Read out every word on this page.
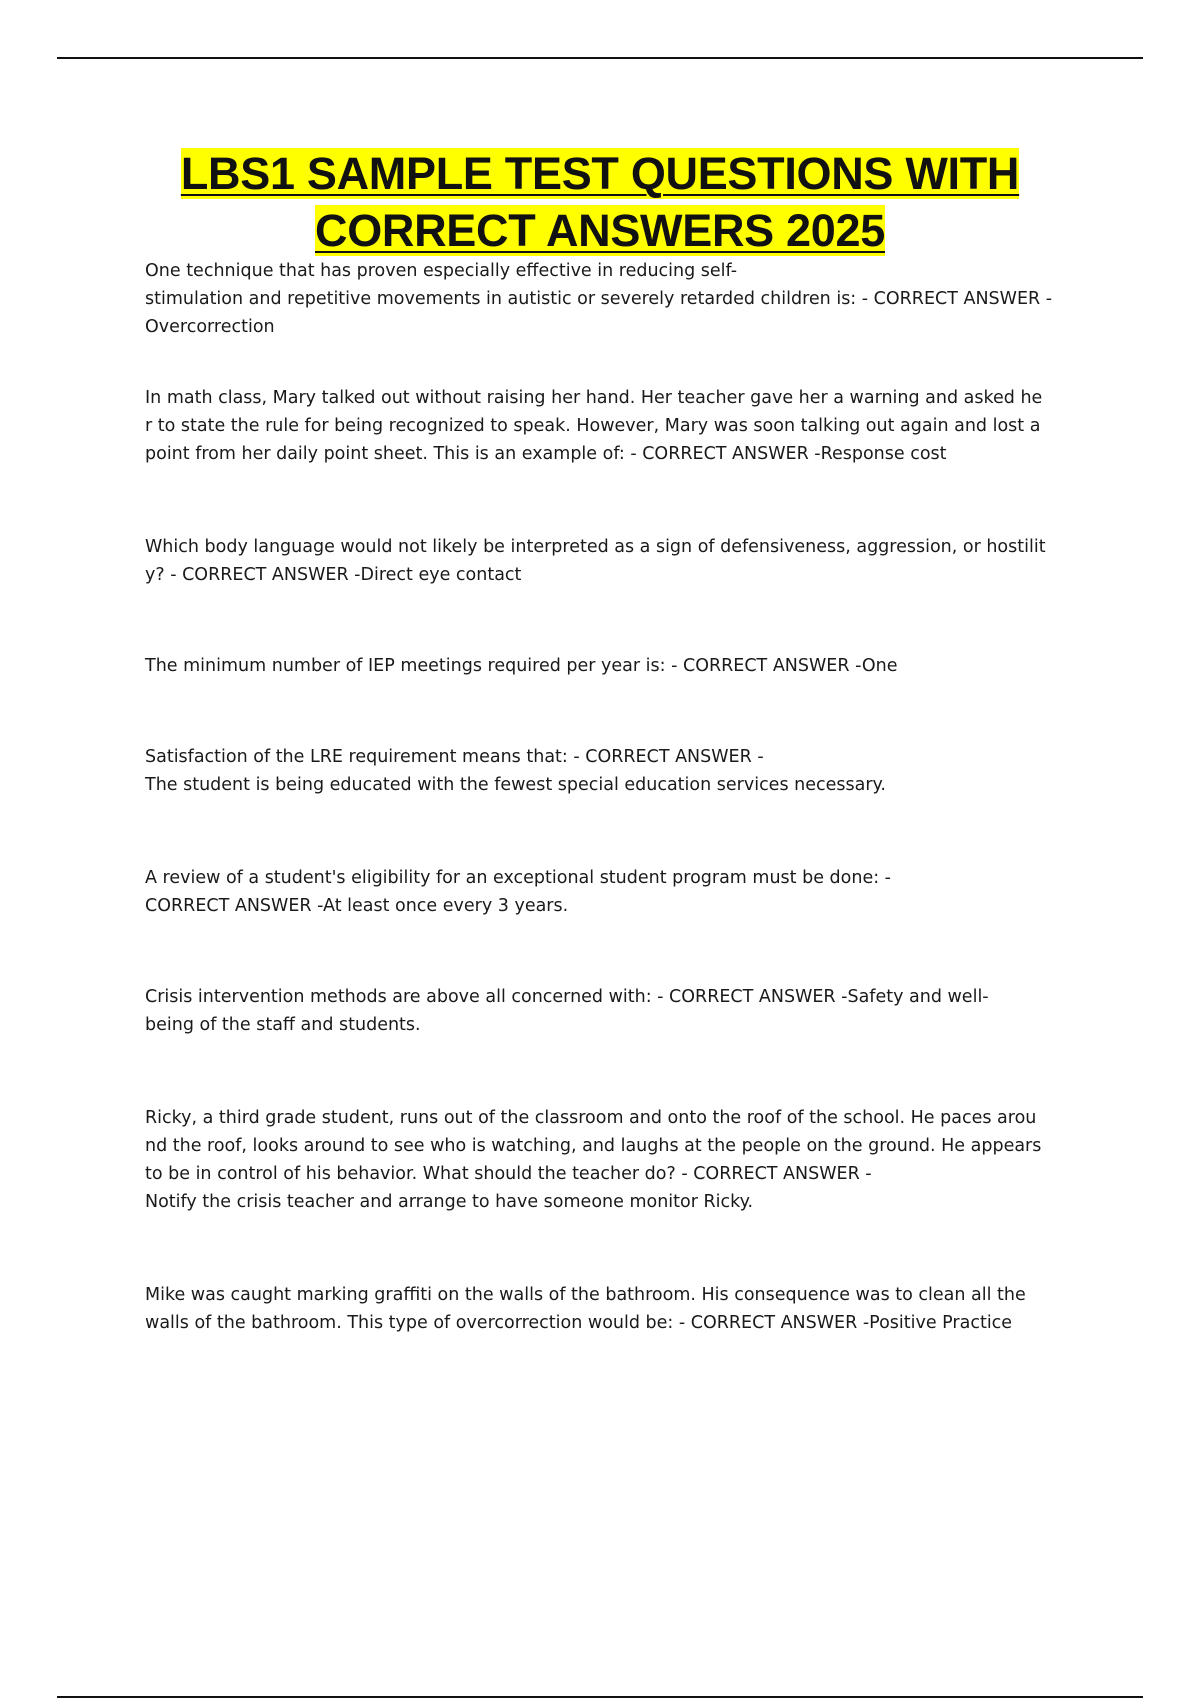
LBS1 SAMPLE TEST QUESTIONS WITH
CORRECT ANSWERS 2025

One technique that has proven especially effective in reducing self-
stimulation and repetitive movements in autistic or severely retarded children is: - CORRECT ANSWER -
Overcorrection

In math class, Mary talked out without raising her hand. Her teacher gave her a warning and asked he
r to state the rule for being recognized to speak. However, Mary was soon talking out again and lost a
point from her daily point sheet. This is an example of: - CORRECT ANSWER -Response cost

Which body language would not likely be interpreted as a sign of defensiveness, aggression, or hostilit
y? - CORRECT ANSWER -Direct eye contact

The minimum number of IEP meetings required per year is: - CORRECT ANSWER -One

Satisfaction of the LRE requirement means that: - CORRECT ANSWER -
The student is being educated with the fewest special education services necessary.

A review of a student's eligibility for an exceptional student program must be done: -
CORRECT ANSWER -At least once every 3 years.

Crisis intervention methods are above all concerned with: - CORRECT ANSWER -Safety and well-
being of the staff and students.

Ricky, a third grade student, runs out of the classroom and onto the roof of the school. He paces arou
nd the roof, looks around to see who is watching, and laughs at the people on the ground. He appears
to be in control of his behavior. What should the teacher do? - CORRECT ANSWER -
Notify the crisis teacher and arrange to have someone monitor Ricky.

Mike was caught marking graffiti on the walls of the bathroom. His consequence was to clean all the
walls of the bathroom. This type of overcorrection would be: - CORRECT ANSWER -Positive Practice
